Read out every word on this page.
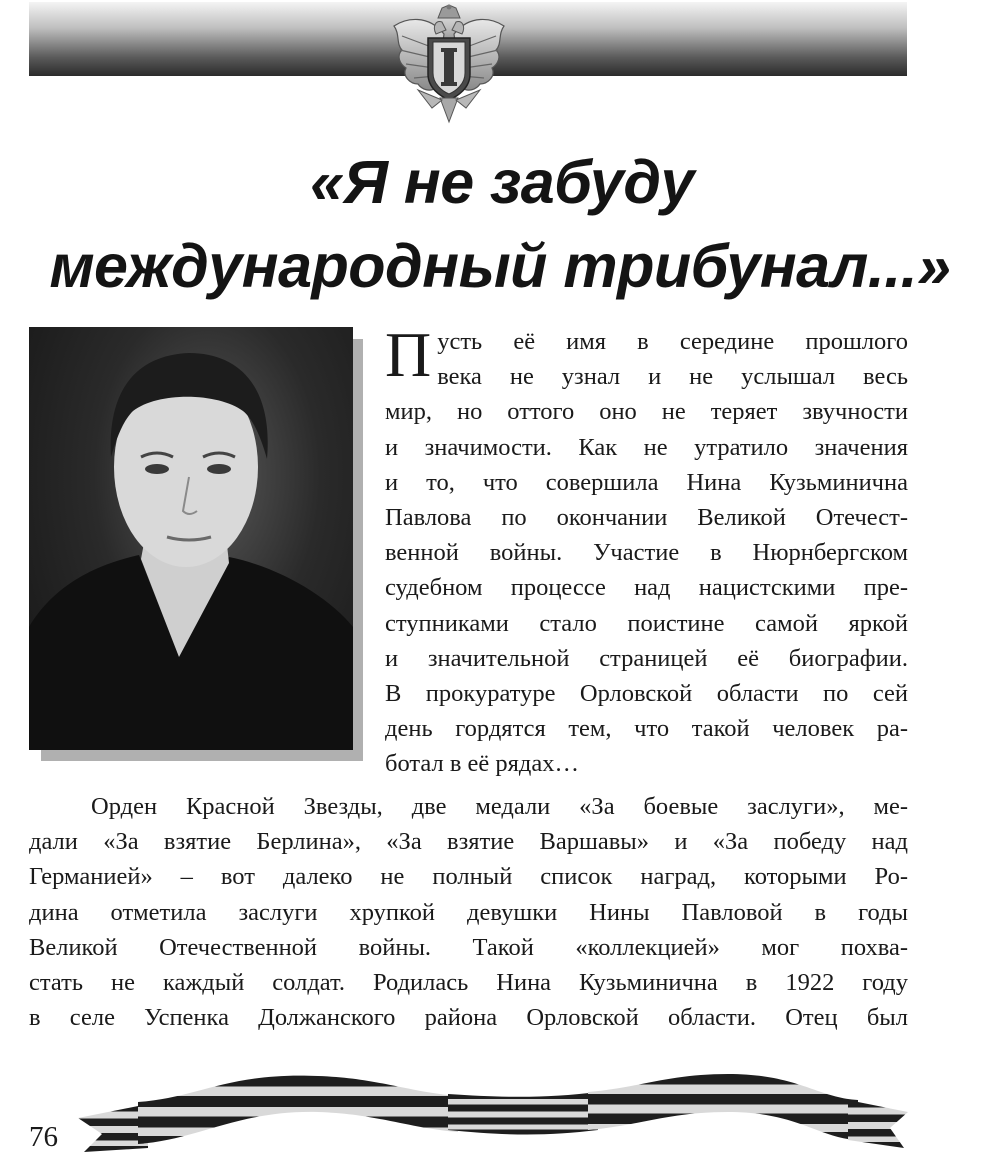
«Я не забуду
международный трибунал...»
П усть её имя в середине прошлого
века не узнал и не услышал весь
мир, но оттого оно не теряет звучности
и значимости. Как не утратило значения
и то, что совершила Нина Кузьминична
Павлова по окончании Великой Отечест-
венной войны. Участие в Нюрнбергском
судебном процессе над нацистскими пре-
ступниками стало поистине самой яркой
и значительной страницей её биографии.
В прокуратуре Орловской области по сей
день гордятся тем, что такой человек ра-
ботал в её рядах…
Орден Красной Звезды, две медали «За боевые заслуги», ме-
дали «За взятие Берлина», «За взятие Варшавы» и «За победу над
Германией» – вот далеко не полный список наград, которыми Ро-
дина отметила заслуги хрупкой девушки Нины Павловой в годы
Великой Отечественной войны. Такой «коллекцией» мог похва-
стать не каждый солдат. Родилась Нина Кузьминична в 1922 году
в селе Успенка Должанского района Орловской области. Отец был
76
